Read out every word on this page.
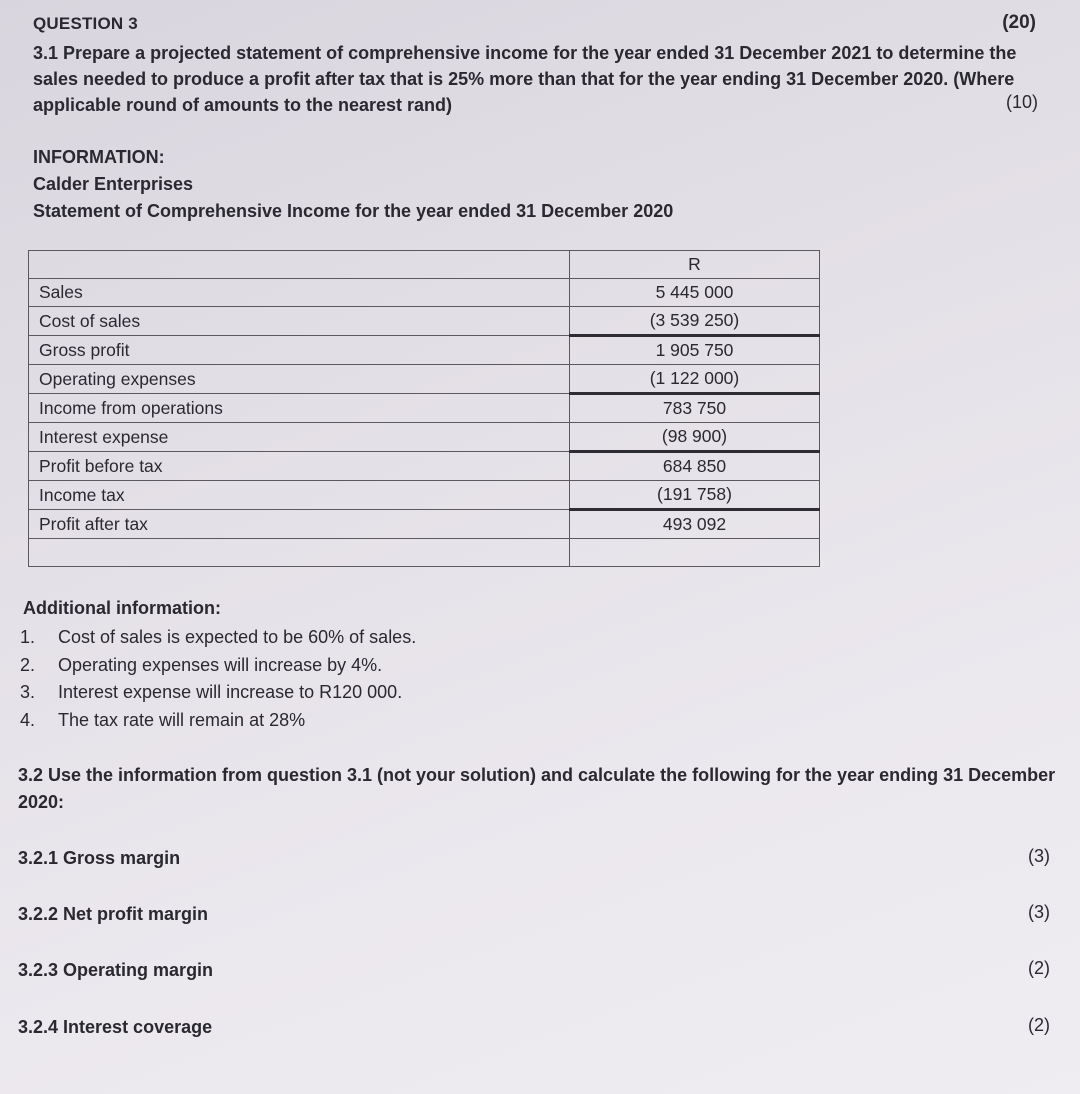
QUESTION 3	(20)
3.1 Prepare a projected statement of comprehensive income for the year ended 31 December 2021 to determine the sales needed to produce a profit after tax that is 25% more than that for the year ending 31 December 2020. (Where applicable round of amounts to the nearest rand)	(10)
INFORMATION:
Calder Enterprises
Statement of Comprehensive Income for the year ended 31 December 2020
	R
Sales	5 445 000
Cost of sales	(3 539 250)
Gross profit	1 905 750
Operating expenses	(1 122 000)
Income from operations	783 750
Interest expense	(98 900)
Profit before tax	684 850
Income tax	(191 758)
Profit after tax	493 092

Additional information:
1.	Cost of sales is expected to be 60% of sales.
2.	Operating expenses will increase by 4%.
3.	Interest expense will increase to R120 000.
4.	The tax rate will remain at 28%
3.2 Use the information from question 3.1 (not your solution) and calculate the following for the year ending 31 December 2020:
3.2.1 Gross margin	(3)
3.2.2 Net profit margin	(3)
3.2.3 Operating margin	(2)
3.2.4 Interest coverage	(2)
